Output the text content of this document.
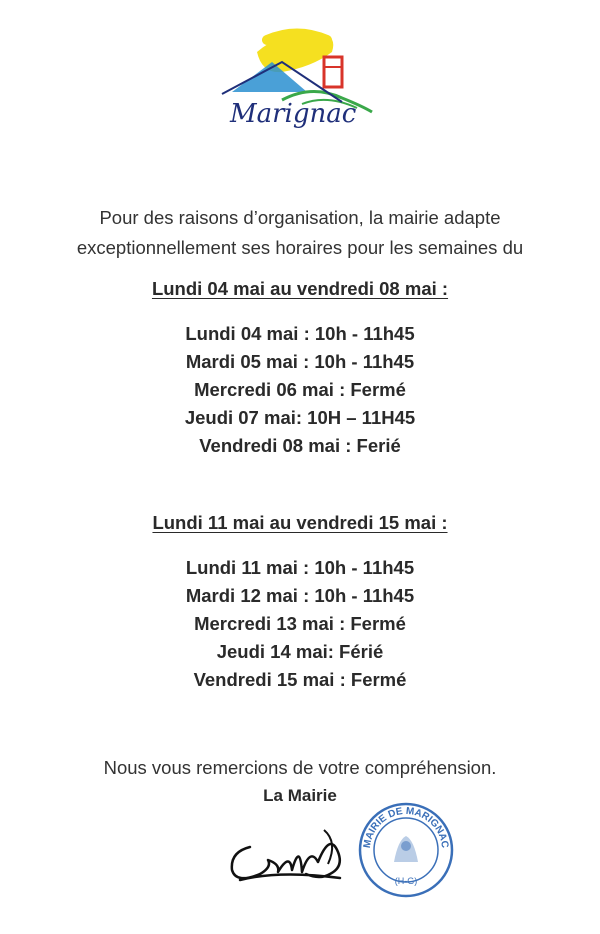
Marignac
Pour des raisons d’organisation, la mairie adapte
exceptionnellement ses horaires pour les semaines du
Lundi 04 mai au vendredi 08 mai :
Lundi 04 mai : 10h - 11h45
Mardi 05 mai : 10h - 11h45
Mercredi 06 mai : Fermé
Jeudi 07 mai: 10H – 11H45
Vendredi 08 mai : Ferié
Lundi 11 mai au vendredi 15 mai :
Lundi 11 mai : 10h - 11h45
Mardi 12 mai : 10h - 11h45
Mercredi 13 mai : Fermé
Jeudi 14 mai: Férié
Vendredi 15 mai : Fermé
Nous vous remercions de votre compréhension.
La Mairie
MAIRIE DE MARIGNAC
(H-G)
